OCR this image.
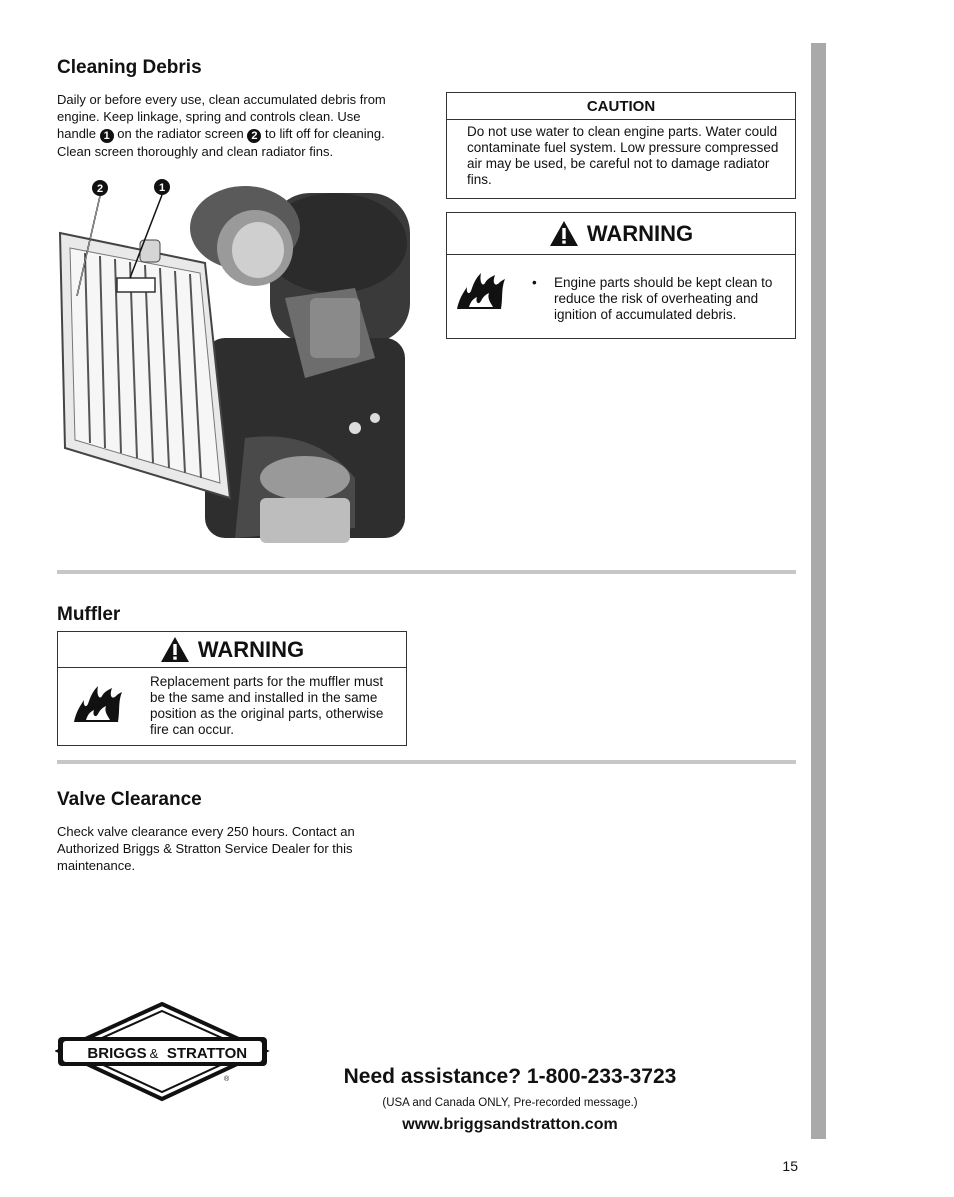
Cleaning Debris

Daily or before every use, clean accumulated debris from engine. Keep linkage, spring and controls clean. Use handle 1 on the radiator screen 2 to lift off for cleaning. Clean screen thoroughly and clean radiator fins.

2	1
CAUTION
Do not use water to clean engine parts. Water could contaminate fuel system. Low pressure compressed air may be used, be careful not to damage radiator fins.
WARNING
• Engine parts should be kept clean to reduce the risk of overheating and ignition of accumulated debris.
Muffler
WARNING
Replacement parts for the muffler must be the same and installed in the same position as the original parts, otherwise fire can occur.
Valve Clearance

Check valve clearance every 250 hours. Contact an Authorized Briggs & Stratton Service Dealer for this maintenance.

BRIGGS & STRATTON
®	Need assistance? 1-800-233-3723
(USA and Canada ONLY, Pre-recorded message.)
www.briggsandstratton.com
15
